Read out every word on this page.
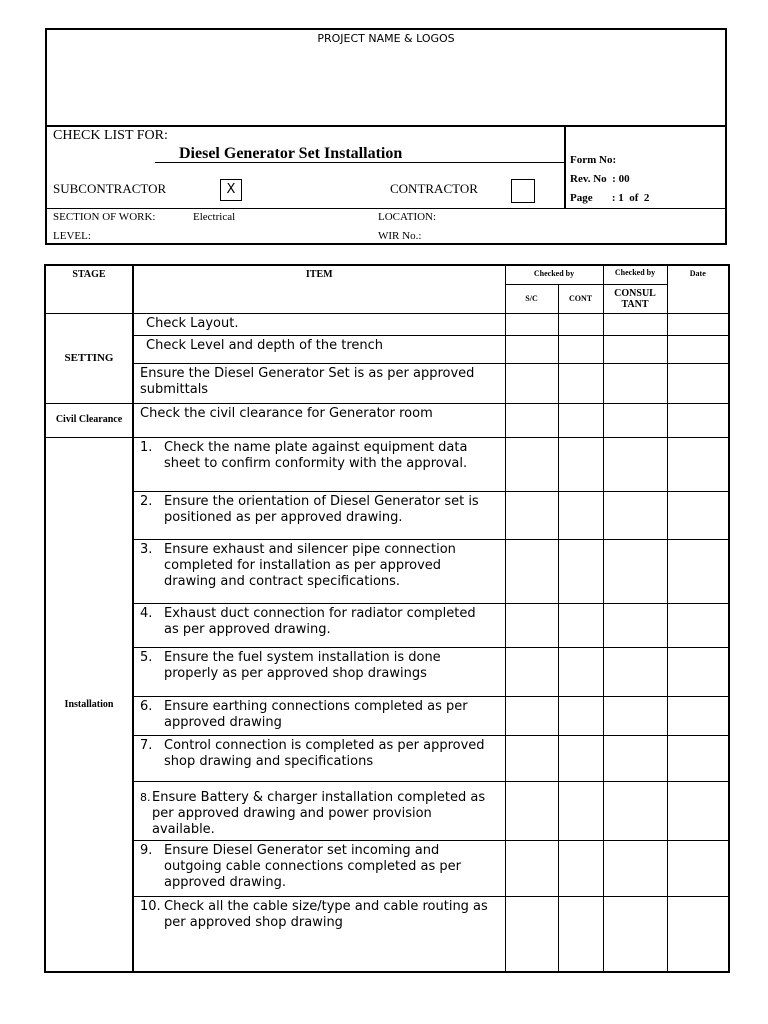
PROJECT NAME & LOGOS
CHECK LIST FOR:
Diesel Generator Set Installation
SUBCONTRACTOR	X	CONTRACTOR
Form No:
Rev. No  : 00
Page       : 1  of  2
SECTION OF WORK:	Electrical	LOCATION:
LEVEL:	WIR No.:
STAGE	ITEM	Checked by		Checked by	Date
		S/C	CONT	CONSUL TANT	
SETTING	Check Layout.				
	Check Level and depth of the trench				
	Ensure the Diesel Generator Set is as per approved submittals				
Civil Clearance	Check the civil clearance for Generator room				
Installation	1. Check the name plate against equipment data sheet to confirm conformity with the approval.				
	2. Ensure the orientation of Diesel Generator set is positioned as per approved drawing.				
	3. Ensure exhaust and silencer pipe connection completed for installation as per approved drawing and contract specifications.				
	4. Exhaust duct connection for radiator completed as per approved drawing.				
	5. Ensure the fuel system installation is done properly as per approved shop drawings				
	6. Ensure earthing connections completed as per approved drawing				
	7. Control connection is completed as per approved shop drawing and specifications				
	8. Ensure Battery & charger installation completed as per approved drawing and power provision available.				
	9. Ensure Diesel Generator set incoming and outgoing cable connections completed as per approved drawing.				
	10. Check all the cable size/type and cable routing as per approved shop drawing				
